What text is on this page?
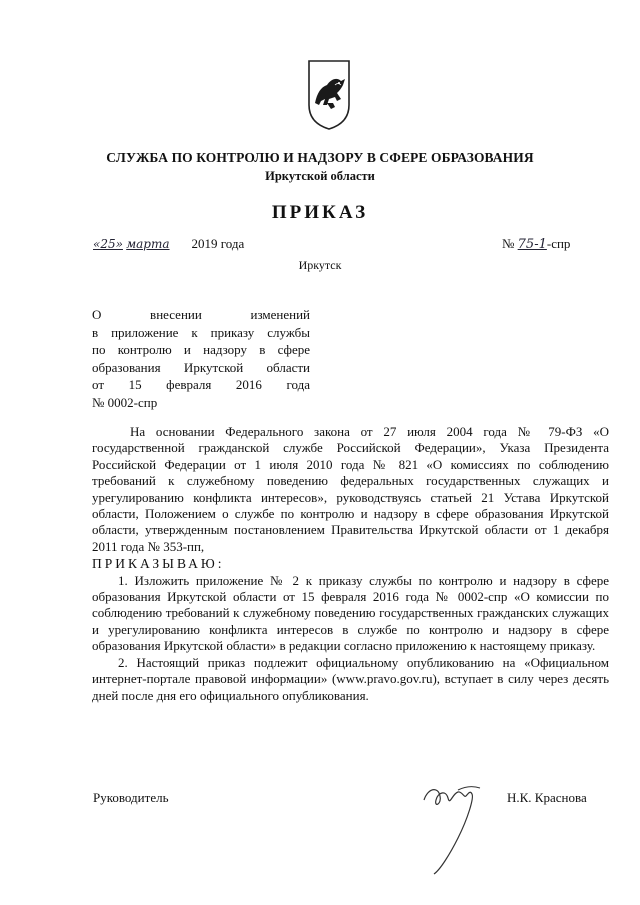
СЛУЖБА ПО КОНТРОЛЮ И НАДЗОРУ В СФЕРЕ ОБРАЗОВАНИЯ
Иркутской области
ПРИКАЗ
«25» марта 2019 года	№ 75-1-спр
Иркутск
О внесении изменений
в приложение к приказу службы
по контролю и надзору в сфере
образования Иркутской области
от 15 февраля 2016 года
№ 0002-спр

На основании Федерального закона от 27 июля 2004 года № 79-ФЗ «О государственной гражданской службе Российской Федерации», Указа Президента Российской Федерации от 1 июля 2010 года № 821 «О комиссиях по соблюдению требований к служебному поведению федеральных государственных служащих и урегулированию конфликта интересов», руководствуясь статьей 21 Устава Иркутской области, Положением о службе по контролю и надзору в сфере образования Иркутской области, утвержденным постановлением Правительства Иркутской области от 1 декабря 2011 года № 353-пп,

ПРИКАЗЫВАЮ:

1. Изложить приложение № 2 к приказу службы по контролю и надзору в сфере образования Иркутской области от 15 февраля 2016 года № 0002-спр «О комиссии по соблюдению требований к служебному поведению государственных гражданских служащих и урегулированию конфликта интересов в службе по контролю и надзору в сфере образования Иркутской области» в редакции согласно приложению к настоящему приказу.

2. Настоящий приказ подлежит официальному опубликованию на «Официальном интернет-портале правовой информации» (www.pravo.gov.ru), вступает в силу через десять дней после дня его официального опубликования.

Руководитель	Н.К. Краснова
